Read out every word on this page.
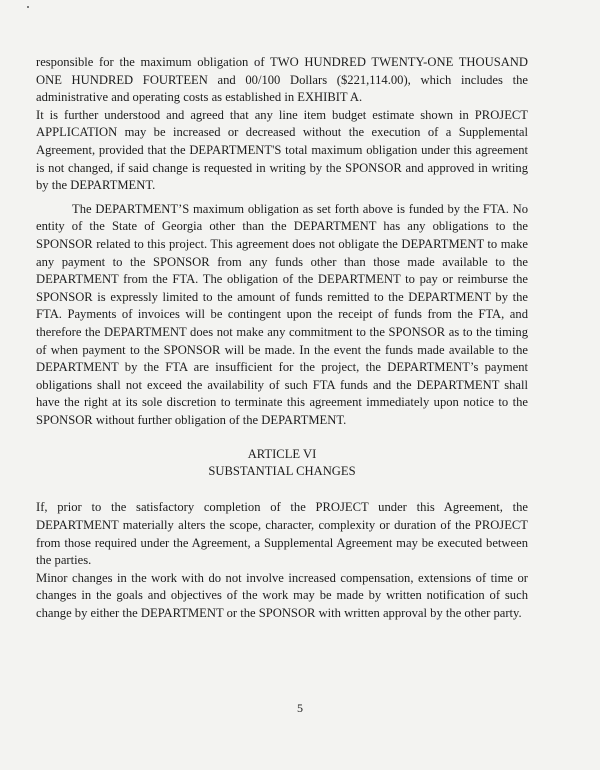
responsible for the maximum obligation of TWO HUNDRED TWENTY-ONE THOUSAND ONE HUNDRED FOURTEEN and 00/100 Dollars ($221,114.00), which includes the administrative and operating costs as established in EXHIBIT A.

It is further understood and agreed that any line item budget estimate shown in PROJECT APPLICATION may be increased or decreased without the execution of a Supplemental Agreement, provided that the DEPARTMENT'S total maximum obligation under this agreement is not changed, if said change is requested in writing by the SPONSOR and approved in writing by the DEPARTMENT.

The DEPARTMENT’S maximum obligation as set forth above is funded by the FTA. No entity of the State of Georgia other than the DEPARTMENT has any obligations to the SPONSOR related to this project. This agreement does not obligate the DEPARTMENT to make any payment to the SPONSOR from any funds other than those made available to the DEPARTMENT from the FTA. The obligation of the DEPARTMENT to pay or reimburse the SPONSOR is expressly limited to the amount of funds remitted to the DEPARTMENT by the FTA. Payments of invoices will be contingent upon the receipt of funds from the FTA, and therefore the DEPARTMENT does not make any commitment to the SPONSOR as to the timing of when payment to the SPONSOR will be made. In the event the funds made available to the DEPARTMENT by the FTA are insufficient for the project, the DEPARTMENT’s payment obligations shall not exceed the availability of such FTA funds and the DEPARTMENT shall have the right at its sole discretion to terminate this agreement immediately upon notice to the SPONSOR without further obligation of the DEPARTMENT.

ARTICLE VI
SUBSTANTIAL CHANGES

If, prior to the satisfactory completion of the PROJECT under this Agreement, the DEPARTMENT materially alters the scope, character, complexity or duration of the PROJECT from those required under the Agreement, a Supplemental Agreement may be executed between the parties.

Minor changes in the work with do not involve increased compensation, extensions of time or changes in the goals and objectives of the work may be made by written notification of such change by either the DEPARTMENT or the SPONSOR with written approval by the other party.

5
